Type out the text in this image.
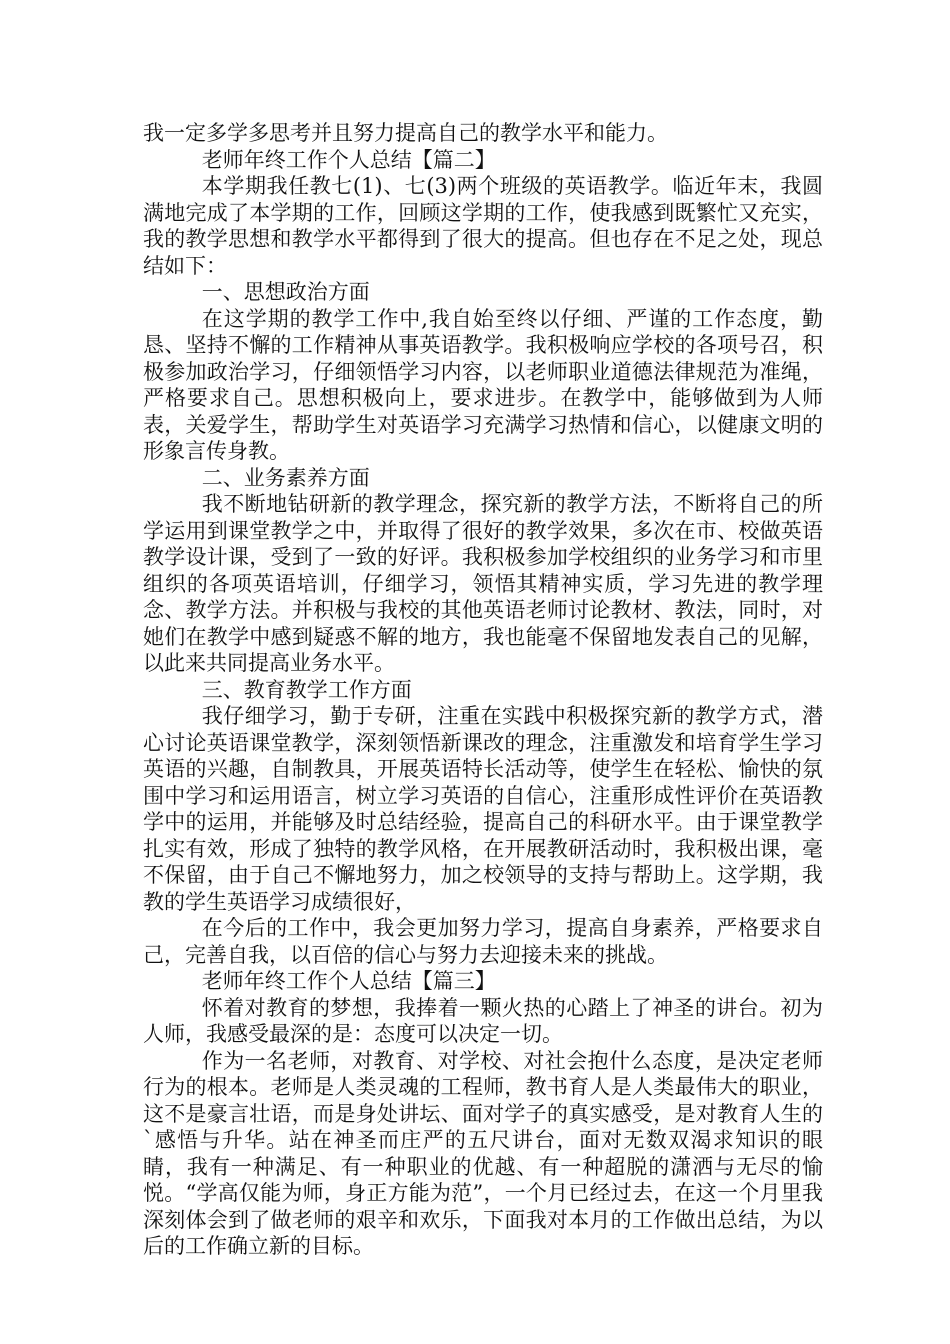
我一定多学多思考并且努力提高自己的教学水平和能力。

老师年终工作个人总结【篇二】

本学期我任教七(1)、七(3)两个班级的英语教学。临近年末，我圆满地完成了本学期的工作，回顾这学期的工作，使我感到既繁忙又充实，我的教学思想和教学水平都得到了很大的提高。但也存在不足之处，现总结如下：

一、思想政治方面

在这学期的教学工作中,我自始至终以仔细、严谨的工作态度，勤恳、坚持不懈的工作精神从事英语教学。我积极响应学校的各项号召，积极参加政治学习，仔细领悟学习内容，以老师职业道德法律规范为准绳，严格要求自己。思想积极向上，要求进步。在教学中，能够做到为人师表，关爱学生，帮助学生对英语学习充满学习热情和信心，以健康文明的形象言传身教。

二、业务素养方面

我不断地钻研新的教学理念，探究新的教学方法，不断将自己的所学运用到课堂教学之中，并取得了很好的教学效果，多次在市、校做英语教学设计课，受到了一致的好评。我积极参加学校组织的业务学习和市里组织的各项英语培训，仔细学习，领悟其精神实质，学习先进的教学理念、教学方法。并积极与我校的其他英语老师讨论教材、教法，同时，对她们在教学中感到疑惑不解的地方，我也能毫不保留地发表自己的见解，以此来共同提高业务水平。

三、教育教学工作方面

我仔细学习，勤于专研，注重在实践中积极探究新的教学方式，潜心讨论英语课堂教学，深刻领悟新课改的理念，注重激发和培育学生学习英语的兴趣，自制教具，开展英语特长活动等，使学生在轻松、愉快的氛围中学习和运用语言，树立学习英语的自信心，注重形成性评价在英语教学中的运用，并能够及时总结经验，提高自己的科研水平。由于课堂教学扎实有效，形成了独特的教学风格，在开展教研活动时，我积极出课，毫不保留，由于自己不懈地努力，加之校领导的支持与帮助上。这学期，我教的学生英语学习成绩很好，

在今后的工作中，我会更加努力学习，提高自身素养，严格要求自己，完善自我，以百倍的信心与努力去迎接未来的挑战。

老师年终工作个人总结【篇三】

怀着对教育的梦想，我捧着一颗火热的心踏上了神圣的讲台。初为人师，我感受最深的是：态度可以决定一切。

作为一名老师，对教育、对学校、对社会抱什么态度，是决定老师行为的根本。老师是人类灵魂的工程师，教书育人是人类最伟大的职业，这不是豪言壮语，而是身处讲坛、面对学子的真实感受，是对教育人生的`感悟与升华。站在神圣而庄严的五尺讲台，面对无数双渴求知识的眼睛，我有一种满足、有一种职业的优越、有一种超脱的潇洒与无尽的愉悦。“学高仅能为师，身正方能为范”，一个月已经过去，在这一个月里我深刻体会到了做老师的艰辛和欢乐，下面我对本月的工作做出总结，为以后的工作确立新的目标。
